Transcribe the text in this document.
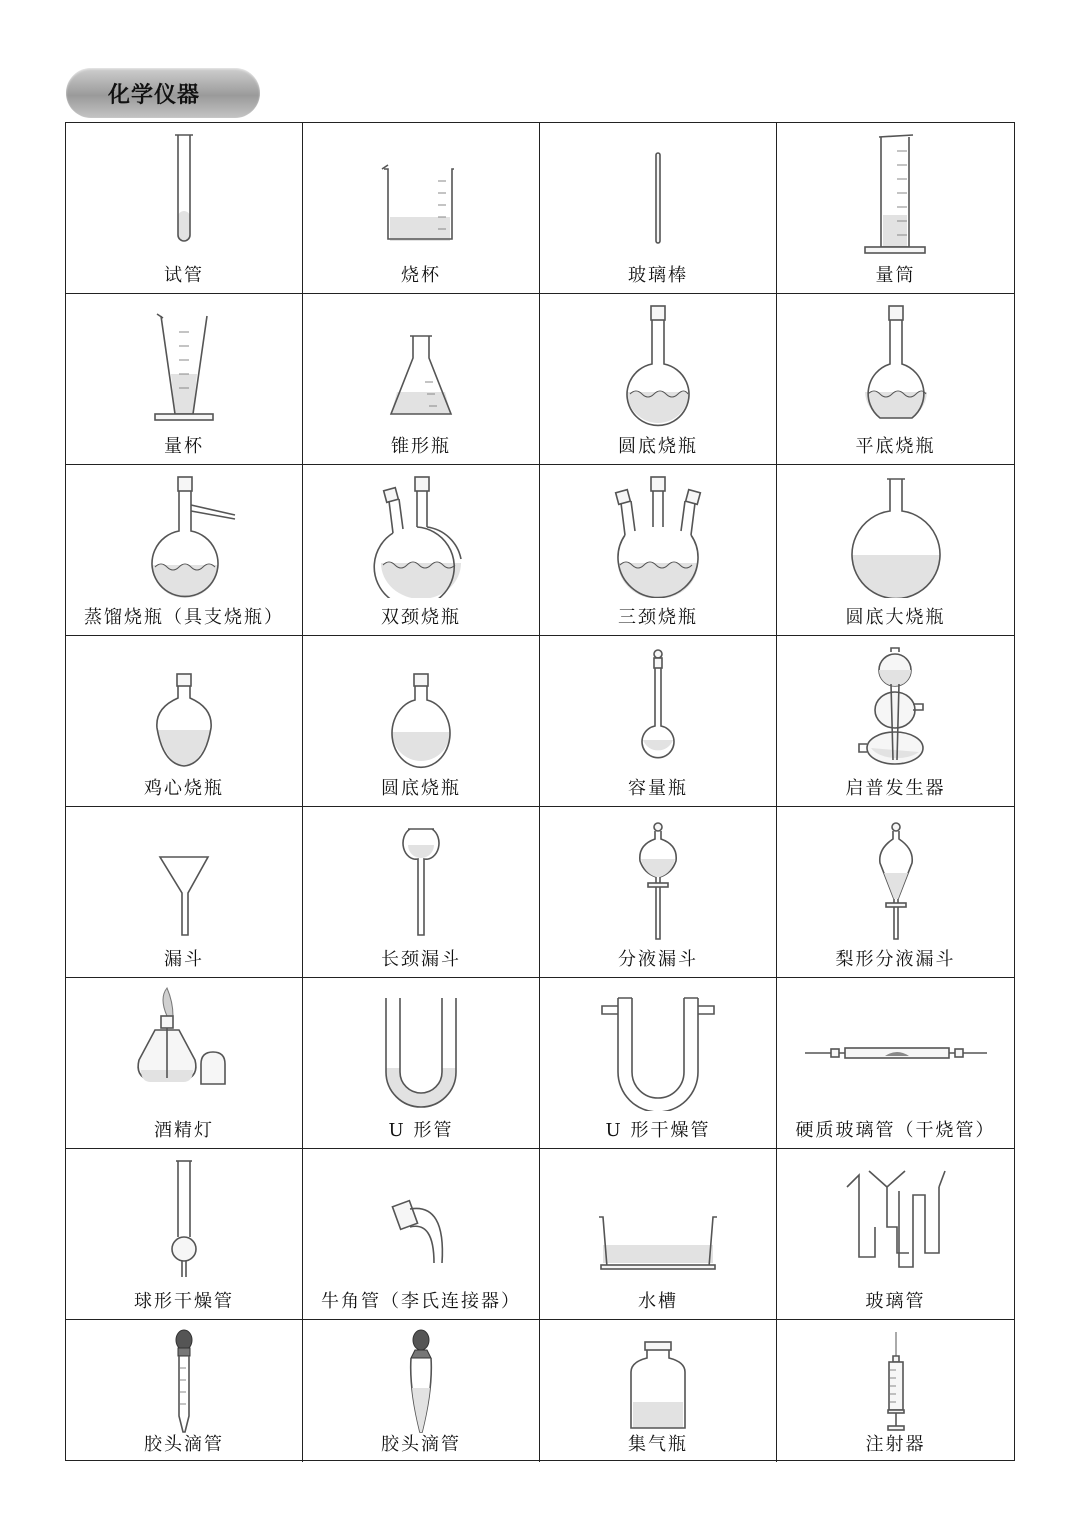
化学仪器
试管	烧杯	玻璃棒	量筒
量杯	锥形瓶	圆底烧瓶	平底烧瓶
蒸馏烧瓶（具支烧瓶）	双颈烧瓶	三颈烧瓶	圆底大烧瓶
鸡心烧瓶	圆底烧瓶	容量瓶	启普发生器
漏斗	长颈漏斗	分液漏斗	梨形分液漏斗
酒精灯	U 形管	U 形干燥管	硬质玻璃管（干烧管）
球形干燥管	牛角管（李氏连接器）	水槽	玻璃管
胶头滴管	胶头滴管	集气瓶	注射器
